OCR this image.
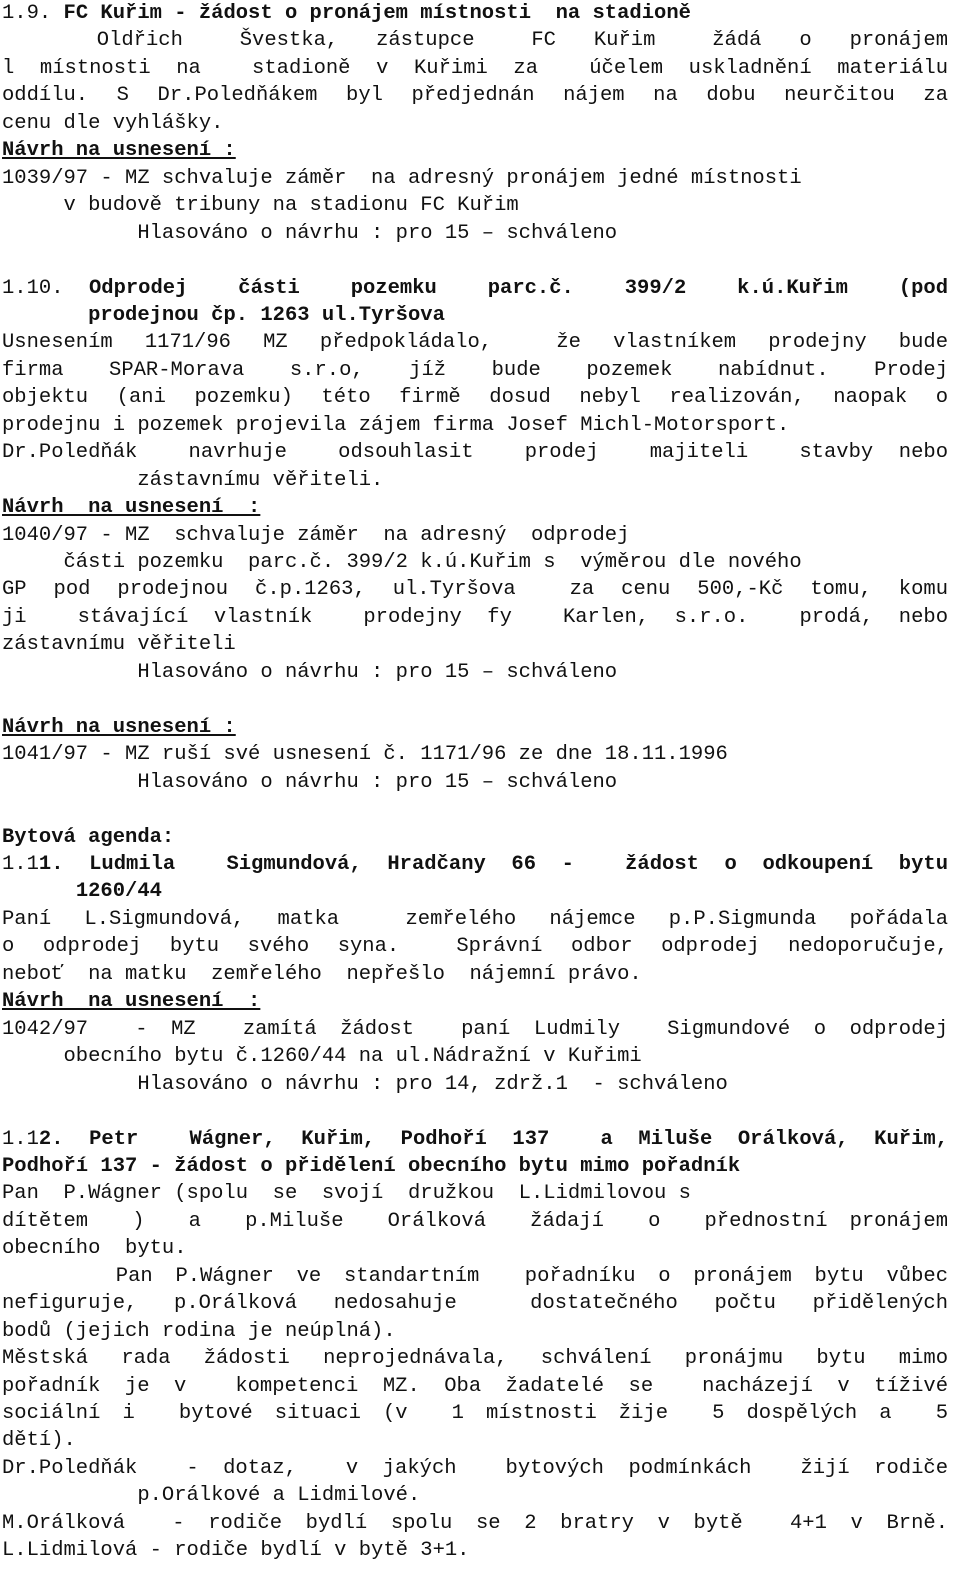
1.9. FC Kuřim - žádost o pronájem místnosti  na stadioně
Oldřich   Švestka,  zástupce   FC  Kuřim   žádá  o  pronájem
l místnosti na  stadioně v Kuřimi za  účelem uskladnění materiálu
oddílu. S Dr.Poledňákem byl předjednán nájem na dobu neurčitou za
cenu dle vyhlášky.
Návrh na usnesení :
1039/97 - MZ schvaluje záměr  na adresný pronájem jedné místnosti
v budově tribuny na stadionu FC Kuřim
Hlasováno o návrhu : pro 15 – schváleno
1.10. Odprodej  části  pozemku  parc.č.  399/2  k.ú.Kuřim  (pod
prodejnou čp. 1263 ul.Tyršova
Usnesením 1171/96 MZ předpokládalo,  že vlastníkem prodejny bude
firma  SPAR-Morava  s.r.o,  jíž  bude  pozemek  nabídnut.  Prodej
objektu (ani pozemku) této firmě dosud nebyl realizován, naopak o
prodejnu i pozemek projevila zájem firma Josef Michl-Motorsport.
Dr.Poledňák  navrhuje  odsouhlasit  prodej  majiteli  stavby nebo
zástavnímu věřiteli.
Návrh  na usnesení  :
1040/97 - MZ  schvaluje záměr  na adresný  odprodej
části pozemku  parc.č. 399/2 k.ú.Kuřim s  výměrou dle nového
GP pod prodejnou č.p.1263, ul.Tyršova  za cenu 500,-Kč tomu, komu
ji  stávající vlastník  prodejny fy  Karlen, s.r.o.  prodá, nebo
zástavnímu věřiteli
Hlasováno o návrhu : pro 15 – schváleno
Návrh na usnesení :
1041/97 - MZ ruší své usnesení č. 1171/96 ze dne 18.11.1996
Hlasováno o návrhu : pro 15 – schváleno
Bytová agenda:
1.11. Ludmila  Sigmundová, Hradčany 66 -  žádost o odkoupení bytu
1260/44
Paní L.Sigmundová, matka  zemřelého nájemce p.P.Sigmunda pořádala
o odprodej bytu svého syna.  Správní odbor odprodej nedoporučuje,
neboť  na matku  zemřelého  nepřešlo  nájemní právo.
Návrh  na usnesení  :
1042/97  - MZ  zamítá žádost  paní Ludmily  Sigmundové o odprodej
obecního bytu č.1260/44 na ul.Nádražní v Kuřimi
Hlasováno o návrhu : pro 14, zdrž.1  - schváleno
1.12. Petr  Wágner, Kuřim, Podhoří 137  a Miluše Orálková, Kuřim,
Podhoří 137 - žádost o přidělení obecního bytu mimo pořadník
Pan  P.Wágner (spolu  se  svojí  družkou  L.Lidmilovou s
dítětem  )  a  p.Miluše  Orálková  žádají  o  přednostní pronájem
obecního  bytu.
Pan P.Wágner ve standartním  pořadníku o pronájem bytu vůbec
nefiguruje, p.Orálková nedosahuje  dostatečného počtu přidělených
bodů (jejich rodina je neúplná).
Městská rada žádosti neprojednávala, schválení pronájmu bytu mimo
pořadník je v  kompetenci MZ. Oba žadatelé se  nacházejí v tíživé
sociální i  bytové situaci (v  1 místnosti žije  5 dospělých a  5
dětí).
Dr.Poledňák  - dotaz,  v jakých  bytových podmínkách  žijí rodiče
p.Orálkové a Lidmilové.
M.Orálková  - rodiče bydlí spolu se 2 bratry v bytě  4+1 v Brně.
L.Lidmilová - rodiče bydlí v bytě 3+1.
